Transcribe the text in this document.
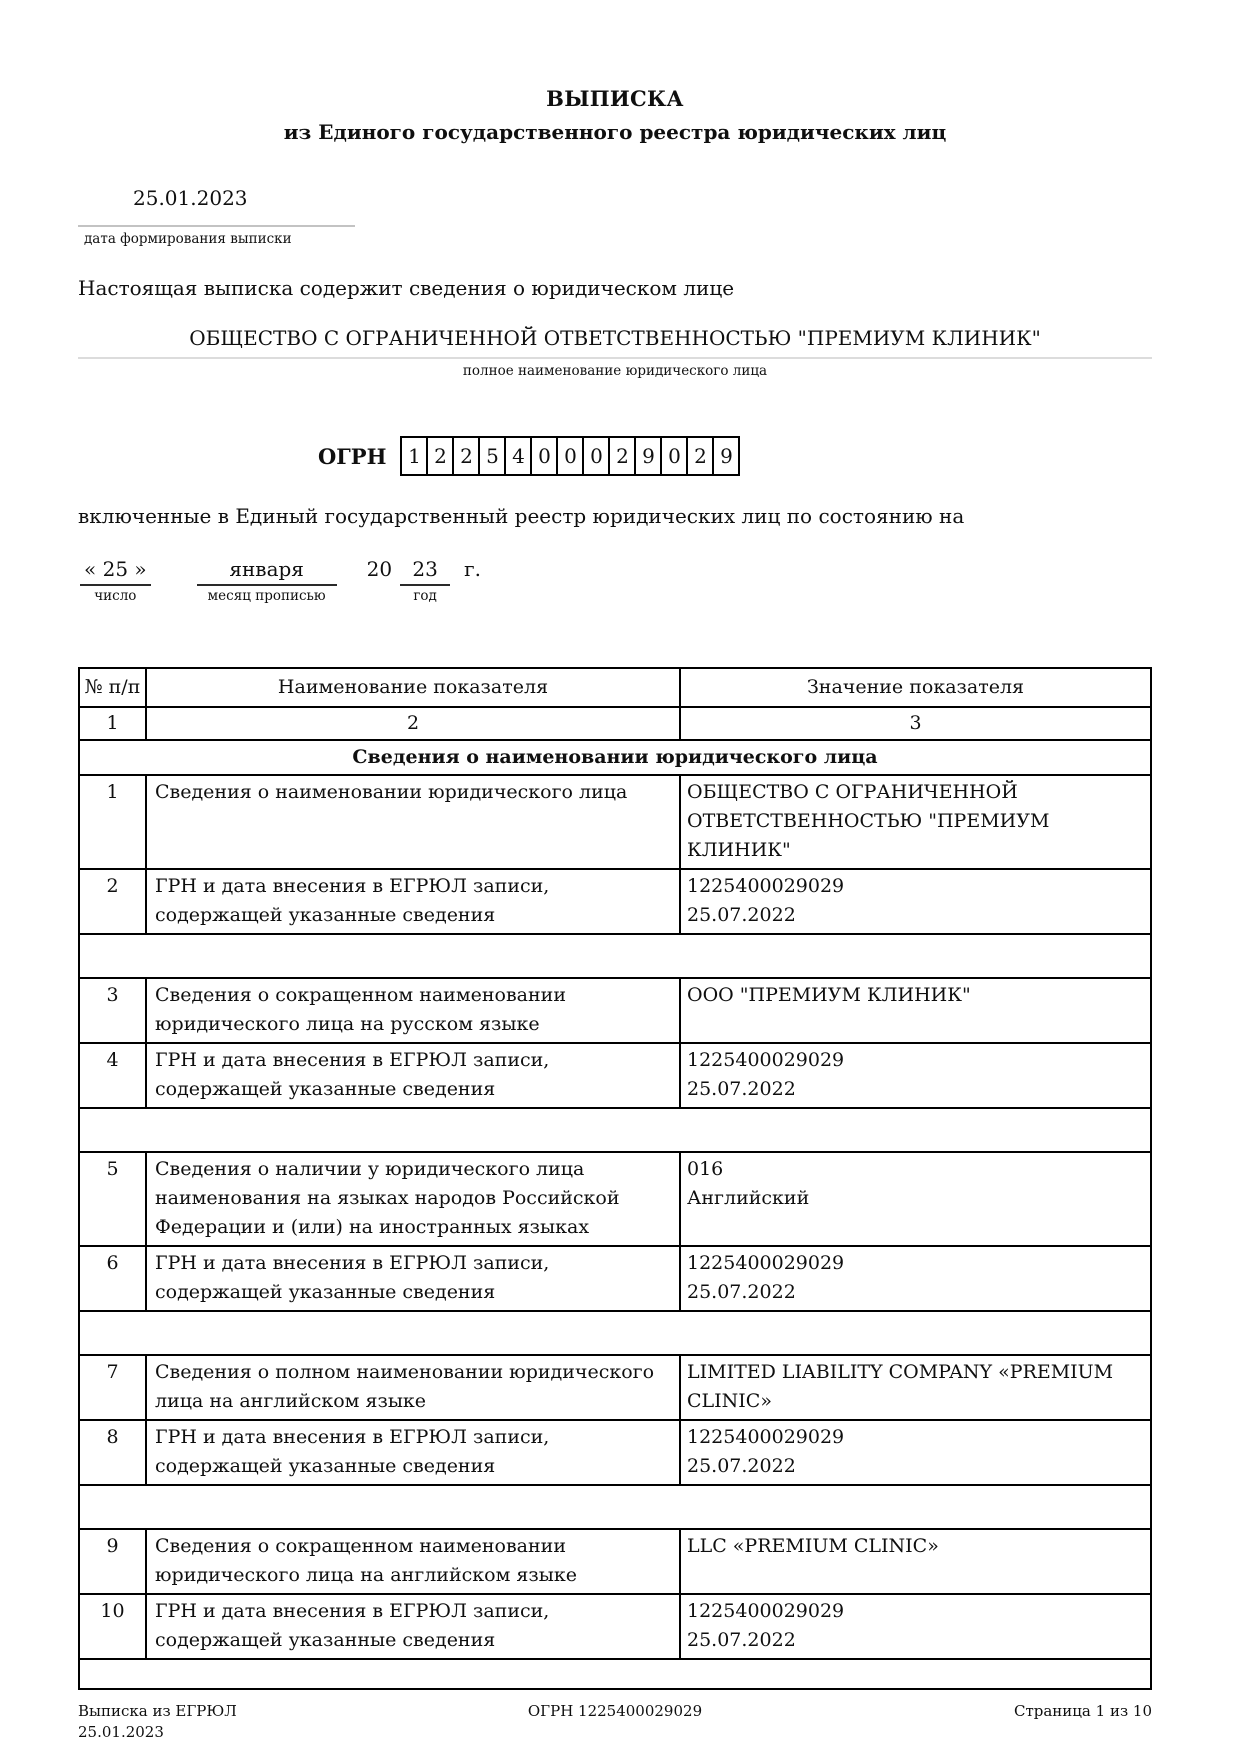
ВЫПИСКА
из Единого государственного реестра юридических лиц
25.01.2023
дата формирования выписки
Настоящая выписка содержит сведения о юридическом лице
ОБЩЕСТВО С ОГРАНИЧЕННОЙ ОТВЕТСТВЕННОСТЬЮ "ПРЕМИУМ КЛИНИК"
полное наименование юридического лица
ОГРН	1 2 2 5 4 0 0 0 2 9 0 2 9
включенные в Единый государственный реестр юридических лиц по состоянию на
« 25 »
число
января
месяц прописью
20	23
год
г.
№ п/п	Наименование показателя	Значение показателя
1	2	3
Сведения о наименовании юридического лица		
1	Сведения о наименовании юридического лица	ОБЩЕСТВО С ОГРАНИЧЕННОЙ ОТВЕТСТВЕННОСТЬЮ "ПРЕМИУМ КЛИНИК"

2	ГРН и дата внесения в ЕГРЮЛ записи, содержащей указанные сведения	1225400029029
25.07.2022

3	Сведения о сокращенном наименовании юридического лица на русском языке	ООО "ПРЕМИУМ КЛИНИК"

4	ГРН и дата внесения в ЕГРЮЛ записи, содержащей указанные сведения	1225400029029
25.07.2022

5	Сведения о наличии у юридического лица наименования на языках народов Российской Федерации и (или) на иностранных языках	016
Английский

6	ГРН и дата внесения в ЕГРЮЛ записи, содержащей указанные сведения	1225400029029
25.07.2022

7	Сведения о полном наименовании юридического лица на английском языке	LIMITED LIABILITY COMPANY «PREMIUM CLINIC»

8	ГРН и дата внесения в ЕГРЮЛ записи, содержащей указанные сведения	1225400029029
25.07.2022

9	Сведения о сокращенном наименовании юридического лица на английском языке	LLC «PREMIUM CLINIC»

10	ГРН и дата внесения в ЕГРЮЛ записи, содержащей указанные сведения	1225400029029
25.07.2022

Выписка из ЕГРЮЛ
25.01.2023
ОГРН 1225400029029	Страница 1 из 10
